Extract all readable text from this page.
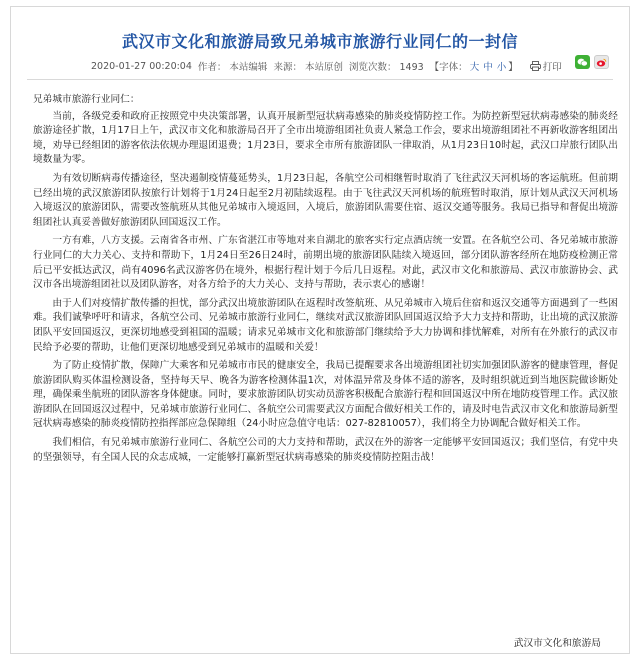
武汉市文化和旅游局致兄弟城市旅游行业同仁的一封信
2020-01-27 00:20:04 作者： 本站编辑 来源： 本站原创 浏览次数： 1493 【字体： 大 中 小 】	打印

兄弟城市旅游行业同仁：

当前，各级党委和政府正按照党中央决策部署，认真开展新型冠状病毒感染的肺炎疫情防控工作。为防控新型冠状病毒感染的肺炎经旅游途径扩散，1月17日上午，武汉市文化和旅游局召开了全市出境游组团社负责人紧急工作会，要求出境游组团社不再新收游客组团出境，劝导已经组团的游客依法依规办理退团退费；1月23日，要求全市所有旅游团队一律取消，从1月23日10时起，武汉口岸旅行团队出境数量为零。

为有效切断病毒传播途径，坚决遏制疫情蔓延势头，1月23日起，各航空公司相继暂时取消了飞往武汉天河机场的客运航班。但前期已经出境的武汉旅游团队按旅行计划将于1月24日起至2月初陆续返程。由于飞往武汉天河机场的航班暂时取消，原计划从武汉天河机场入境返汉的旅游团队，需要改签航班从其他兄弟城市入境返回，入境后，旅游团队需要住宿、返汉交通等服务。我局已指导和督促出境游组团社认真妥善做好旅游团队回国返汉工作。

一方有难，八方支援。云南省各市州、广东省湛江市等地对来自湖北的旅客实行定点酒店统一安置。在各航空公司、各兄弟城市旅游行业同仁的大力关心、支持和帮助下，1月24日至26日24时，前期出境的旅游团队陆续入境返回，部分团队游客经所在地防疫检测正常后已平安抵达武汉，尚有4096名武汉游客仍在境外，根据行程计划于今后几日返程。对此，武汉市文化和旅游局、武汉市旅游协会、武汉市各出境游组团社以及团队游客，对各方给予的大力关心、支持与帮助，表示衷心的感谢！

由于人们对疫情扩散传播的担忧，部分武汉出境旅游团队在返程时改签航班、从兄弟城市入境后住宿和返汉交通等方面遇到了一些困难。我们诚挚呼吁和请求，各航空公司、兄弟城市旅游行业同仁，继续对武汉旅游团队回国返汉给予大力支持和帮助，让出境的武汉旅游团队平安回国返汉，更深切地感受到祖国的温暖；请求兄弟城市文化和旅游部门继续给予大力协调和排忧解难，对所有在外旅行的武汉市民给予必要的帮助，让他们更深切地感受到兄弟城市的温暖和关爱！

为了防止疫情扩散，保障广大乘客和兄弟城市市民的健康安全，我局已提醒要求各出境游组团社切实加强团队游客的健康管理，督促旅游团队购买体温检测设备，坚持每天早、晚各为游客检测体温1次，对体温异常及身体不适的游客，及时组织就近到当地医院做诊断处理，确保乘坐航班的团队游客身体健康。同时，要求旅游团队切实动员游客积极配合旅游行程和回国返汉中所在地防疫管理工作。武汉旅游团队在回国返汉过程中，兄弟城市旅游行业同仁、各航空公司需要武汉方面配合做好相关工作的，请及时电告武汉市文化和旅游局新型冠状病毒感染的肺炎疫情防控指挥部应急保障组（24小时应急值守电话：027-82810057），我们将全力协调配合做好相关工作。

我们相信，有兄弟城市旅游行业同仁、各航空公司的大力支持和帮助，武汉在外的游客一定能够平安回国返汉；我们坚信，有党中央的坚强领导，有全国人民的众志成城，一定能够打赢新型冠状病毒感染的肺炎疫情防控阻击战！

武汉市文化和旅游局
